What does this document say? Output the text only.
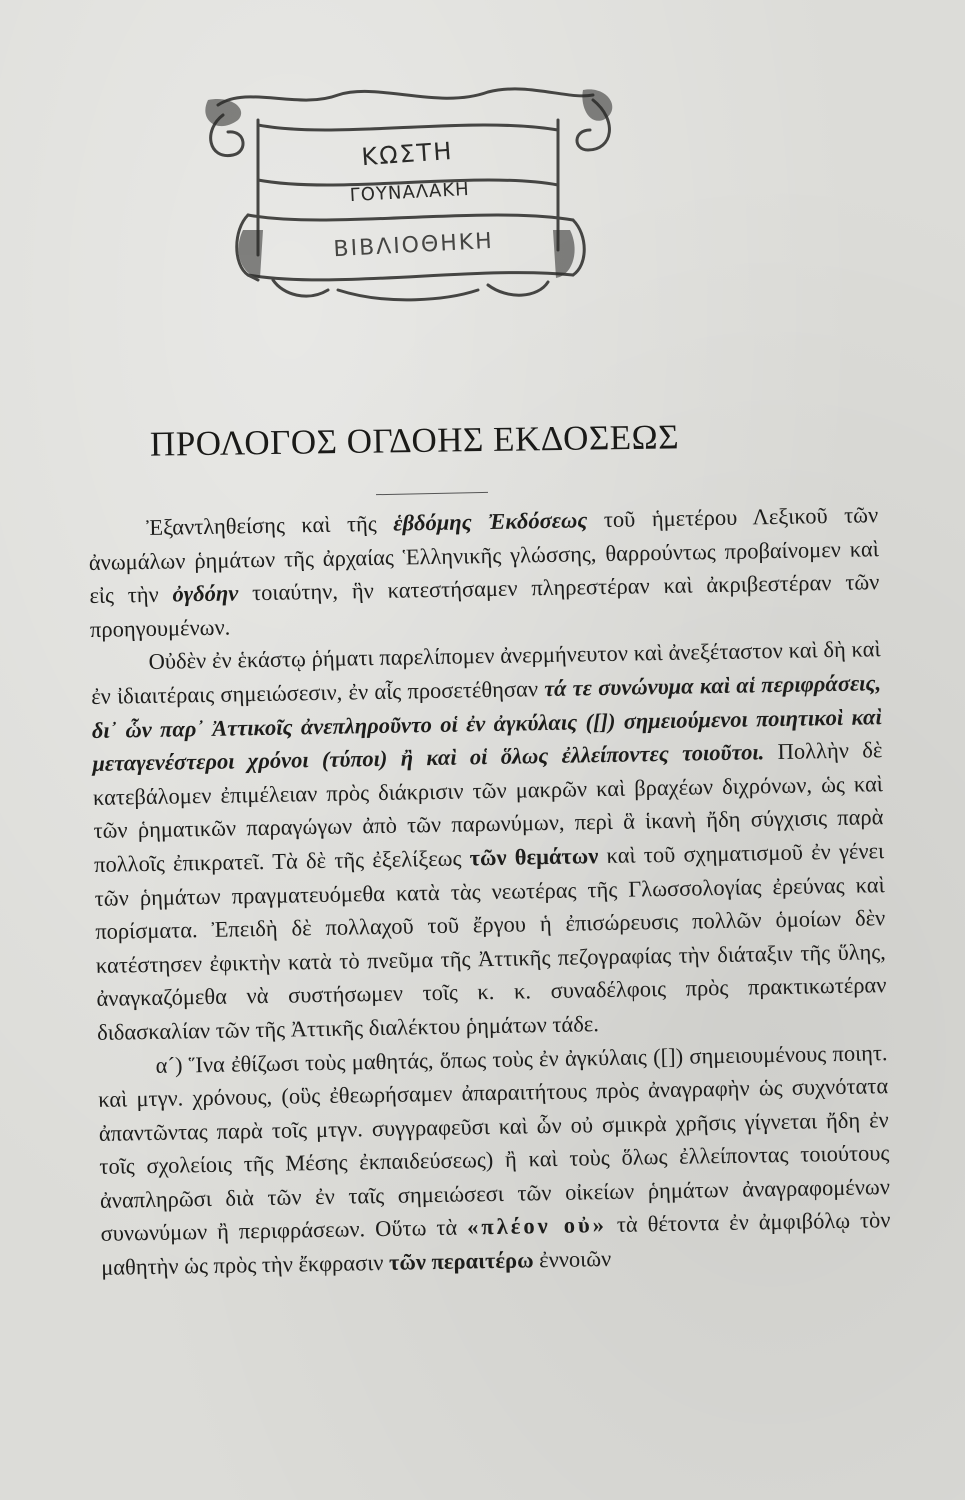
ΚΩΣΤΗ
ΓΟΥΝΑΛΑΚΗ
ΒΙΒΛΙΟΘΗΚΗ
ΠΡΟΛΟΓΟΣ ΟΓΔΟΗΣ ΕΚΔΟΣΕΩΣ

Ἐξαντληθείσης καὶ τῆς ἑβδόμης Ἐκδόσεως τοῦ ἡμετέρου Λεξικοῦ τῶν ἀνωμάλων ῥημάτων τῆς ἀρχαίας Ἑλληνικῆς γλώσσης, θαρρούντως προβαίνομεν καὶ εἰς τὴν ὀγδόην τοιαύτην, ἣν κατεστήσαμεν πληρεστέραν καὶ ἀκριβεστέραν τῶν προηγουμένων.

Οὐδὲν ἐν ἑκάστῳ ῥήματι παρελίπομεν ἀνερμήνευτον καὶ ἀνεξέταστον καὶ δὴ καὶ ἐν ἰδιαιτέραις σημειώσεσιν, ἐν αἷς προσετέθησαν τά τε συνώνυμα καὶ αἱ περιφράσεις, δι᾽ ὧν παρ᾽ Ἀττικοῖς ἀνεπληροῦντο οἱ ἐν ἀγκύλαις ([]) σημειούμενοι ποιητικοὶ καὶ μεταγενέστεροι χρόνοι (τύποι) ἢ καὶ οἱ ὅλως ἐλλείποντες τοιοῦτοι. Πολλὴν δὲ κατεβάλομεν ἐπιμέλειαν πρὸς διάκρισιν τῶν μακρῶν καὶ βραχέων διχρόνων, ὡς καὶ τῶν ῥηματικῶν παραγώγων ἀπὸ τῶν παρωνύμων, περὶ ἃ ἱκανὴ ἤδη σύγχισις παρὰ πολλοῖς ἐπικρατεῖ. Τὰ δὲ τῆς ἐξελίξεως τῶν θεμάτων καὶ τοῦ σχηματισμοῦ ἐν γένει τῶν ῥημάτων πραγματευόμεθα κατὰ τὰς νεωτέρας τῆς Γλωσσολογίας ἐρεύνας καὶ πορίσματα. Ἐπειδὴ δὲ πολλαχοῦ τοῦ ἔργου ἡ ἐπισώρευσις πολλῶν ὁμοίων δὲν κατέστησεν ἐφικτὴν κατὰ τὸ πνεῦμα τῆς Ἀττικῆς πεζογραφίας τὴν διάταξιν τῆς ὕλης, ἀναγκαζόμεθα νὰ συστήσωμεν τοῖς κ. κ. συναδέλφοις πρὸς πρακτικωτέραν διδασκαλίαν τῶν τῆς Ἀττικῆς διαλέκτου ῥημάτων τάδε.

α´) Ἵνα ἐθίζωσι τοὺς μαθητάς, ὅπως τοὺς ἐν ἀγκύλαις ([]) σημειουμένους ποιητ. καὶ μτγν. χρόνους, (οὓς ἐθεωρήσαμεν ἀπαραιτήτους πρὸς ἀναγραφὴν ὡς συχνότατα ἀπαντῶντας παρὰ τοῖς μτγν. συγγραφεῦσι καὶ ὧν οὐ σμικρὰ χρῆσις γίγνεται ἤδη ἐν τοῖς σχολείοις τῆς Μέσης ἐκπαιδεύσεως) ἢ καὶ τοὺς ὅλως ἐλλείποντας τοιούτους ἀναπληρῶσι διὰ τῶν ἐν ταῖς σημειώσεσι τῶν οἰκείων ῥημάτων ἀναγραφομένων συνωνύμων ἢ περιφράσεων. Οὕτω τὰ «πλέον οὐ» τὰ θέτοντα ἐν ἀμφιβόλῳ τὸν μαθητὴν ὡς πρὸς τὴν ἔκφρασιν τῶν περαιτέρω ἐννοιῶν
